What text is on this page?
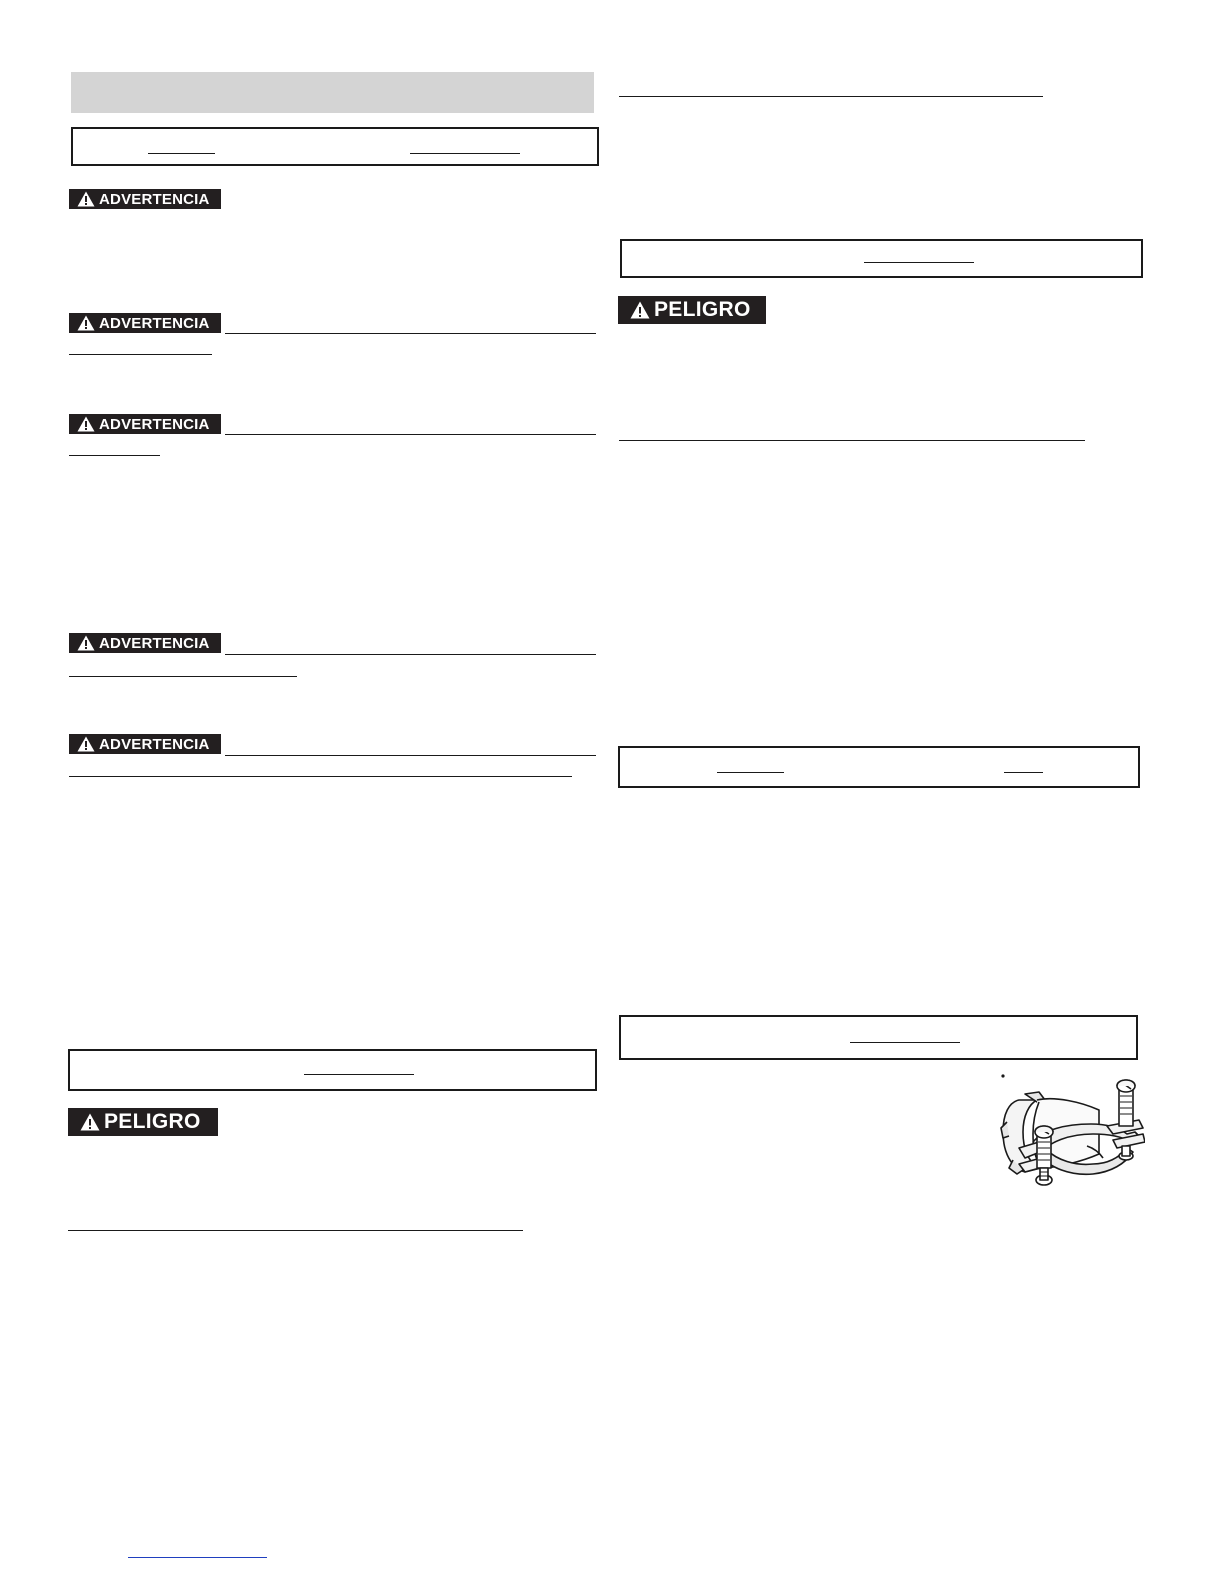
ADVERTENCIA
ADVERTENCIA
ADVERTENCIA
ADVERTENCIA
ADVERTENCIA
PELIGRO
PELIGRO
